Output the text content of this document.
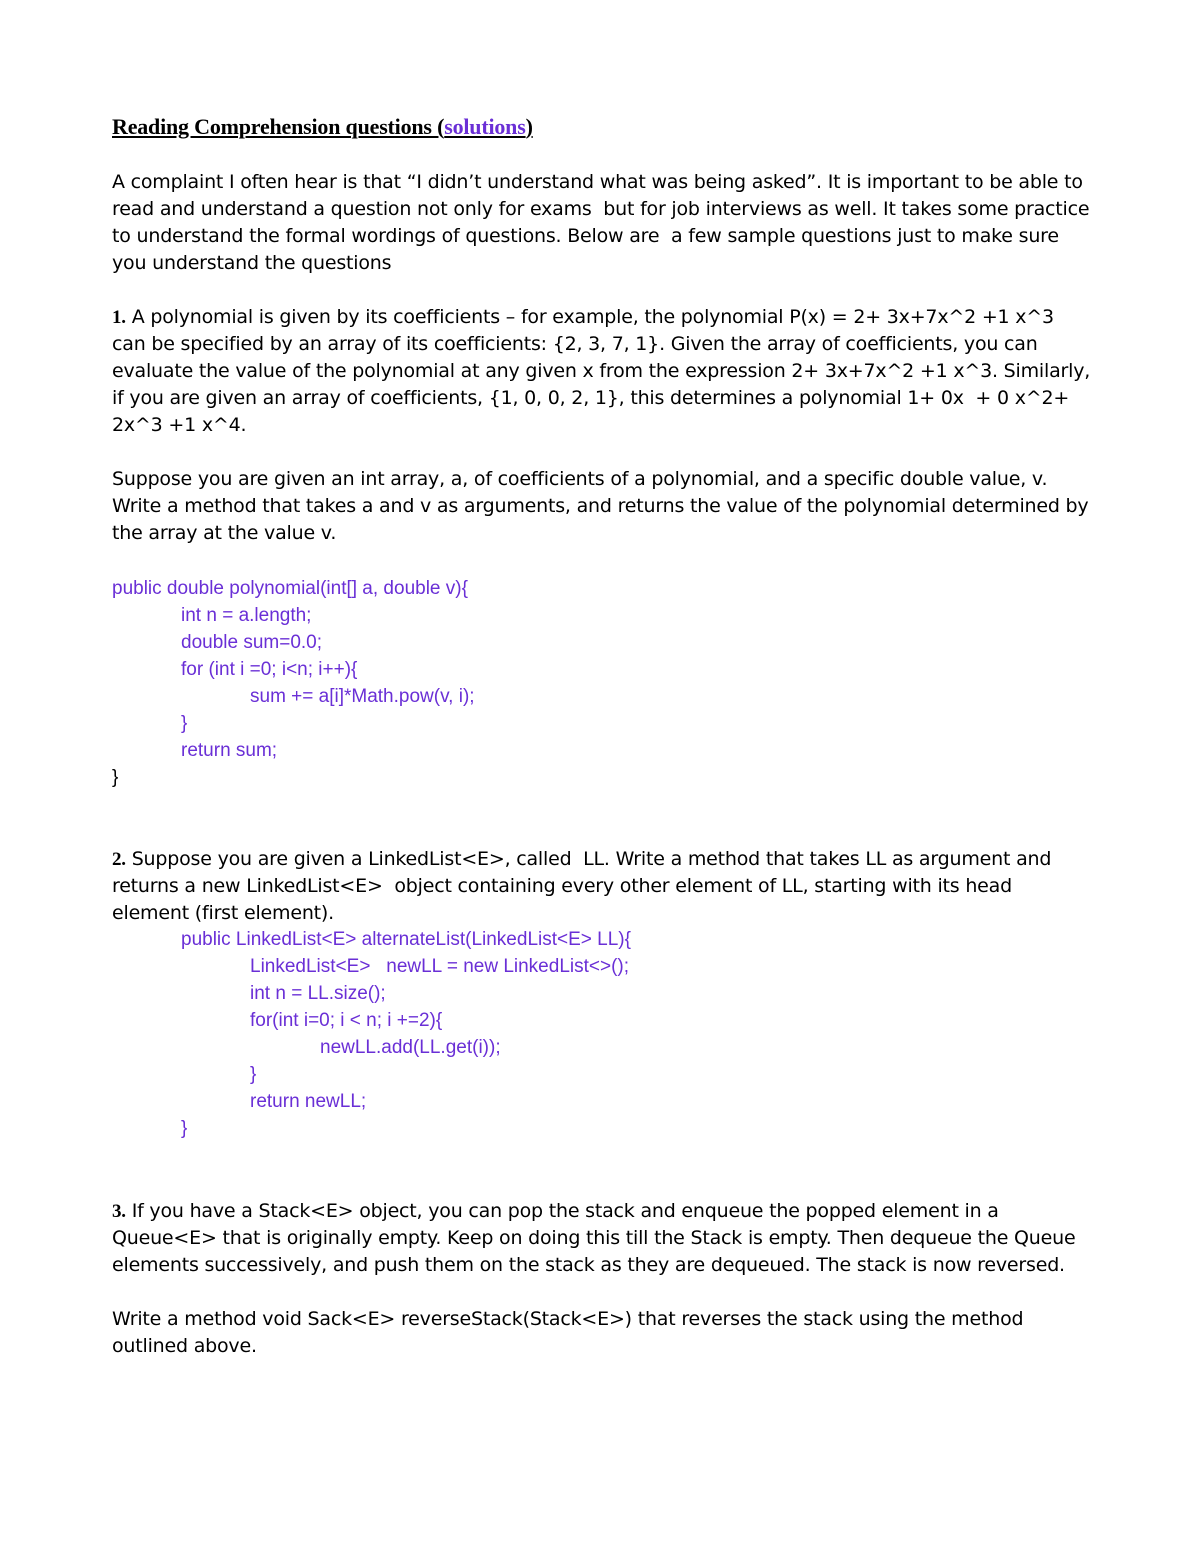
Reading Comprehension questions (solutions)
A complaint I often hear is that “I didn’t understand what was being asked”. It is important to be able to
read and understand a question not only for exams  but for job interviews as well. It takes some practice
to understand the formal wordings of questions. Below are  a few sample questions just to make sure
you understand the questions
1. A polynomial is given by its coefficients – for example, the polynomial P(x) = 2+ 3x+7x^2 +1 x^3
can be specified by an array of its coefficients: {2, 3, 7, 1}. Given the array of coefficients, you can
evaluate the value of the polynomial at any given x from the expression 2+ 3x+7x^2 +1 x^3. Similarly,
if you are given an array of coefficients, {1, 0, 0, 2, 1}, this determines a polynomial 1+ 0x  + 0 x^2+
2x^3 +1 x^4.
Suppose you are given an int array, a, of coefficients of a polynomial, and a specific double value, v.
Write a method that takes a and v as arguments, and returns the value of the polynomial determined by
the array at the value v.
public double polynomial(int[] a, double v){
int n = a.length;
double sum=0.0;
for (int i =0; i<n; i++){
sum += a[i]*Math.pow(v, i);
}
return sum;
}
2. Suppose you are given a LinkedList<E>, called  LL. Write a method that takes LL as argument and
returns a new LinkedList<E>  object containing every other element of LL, starting with its head
element (first element).
public LinkedList<E> alternateList(LinkedList<E> LL){
LinkedList<E>   newLL = new LinkedList<>();
int n = LL.size();
for(int i=0; i < n; i +=2){
newLL.add(LL.get(i));
}
return newLL;
}
3. If you have a Stack<E> object, you can pop the stack and enqueue the popped element in a
Queue<E> that is originally empty. Keep on doing this till the Stack is empty. Then dequeue the Queue
elements successively, and push them on the stack as they are dequeued. The stack is now reversed.
Write a method void Sack<E> reverseStack(Stack<E>) that reverses the stack using the method
outlined above.
